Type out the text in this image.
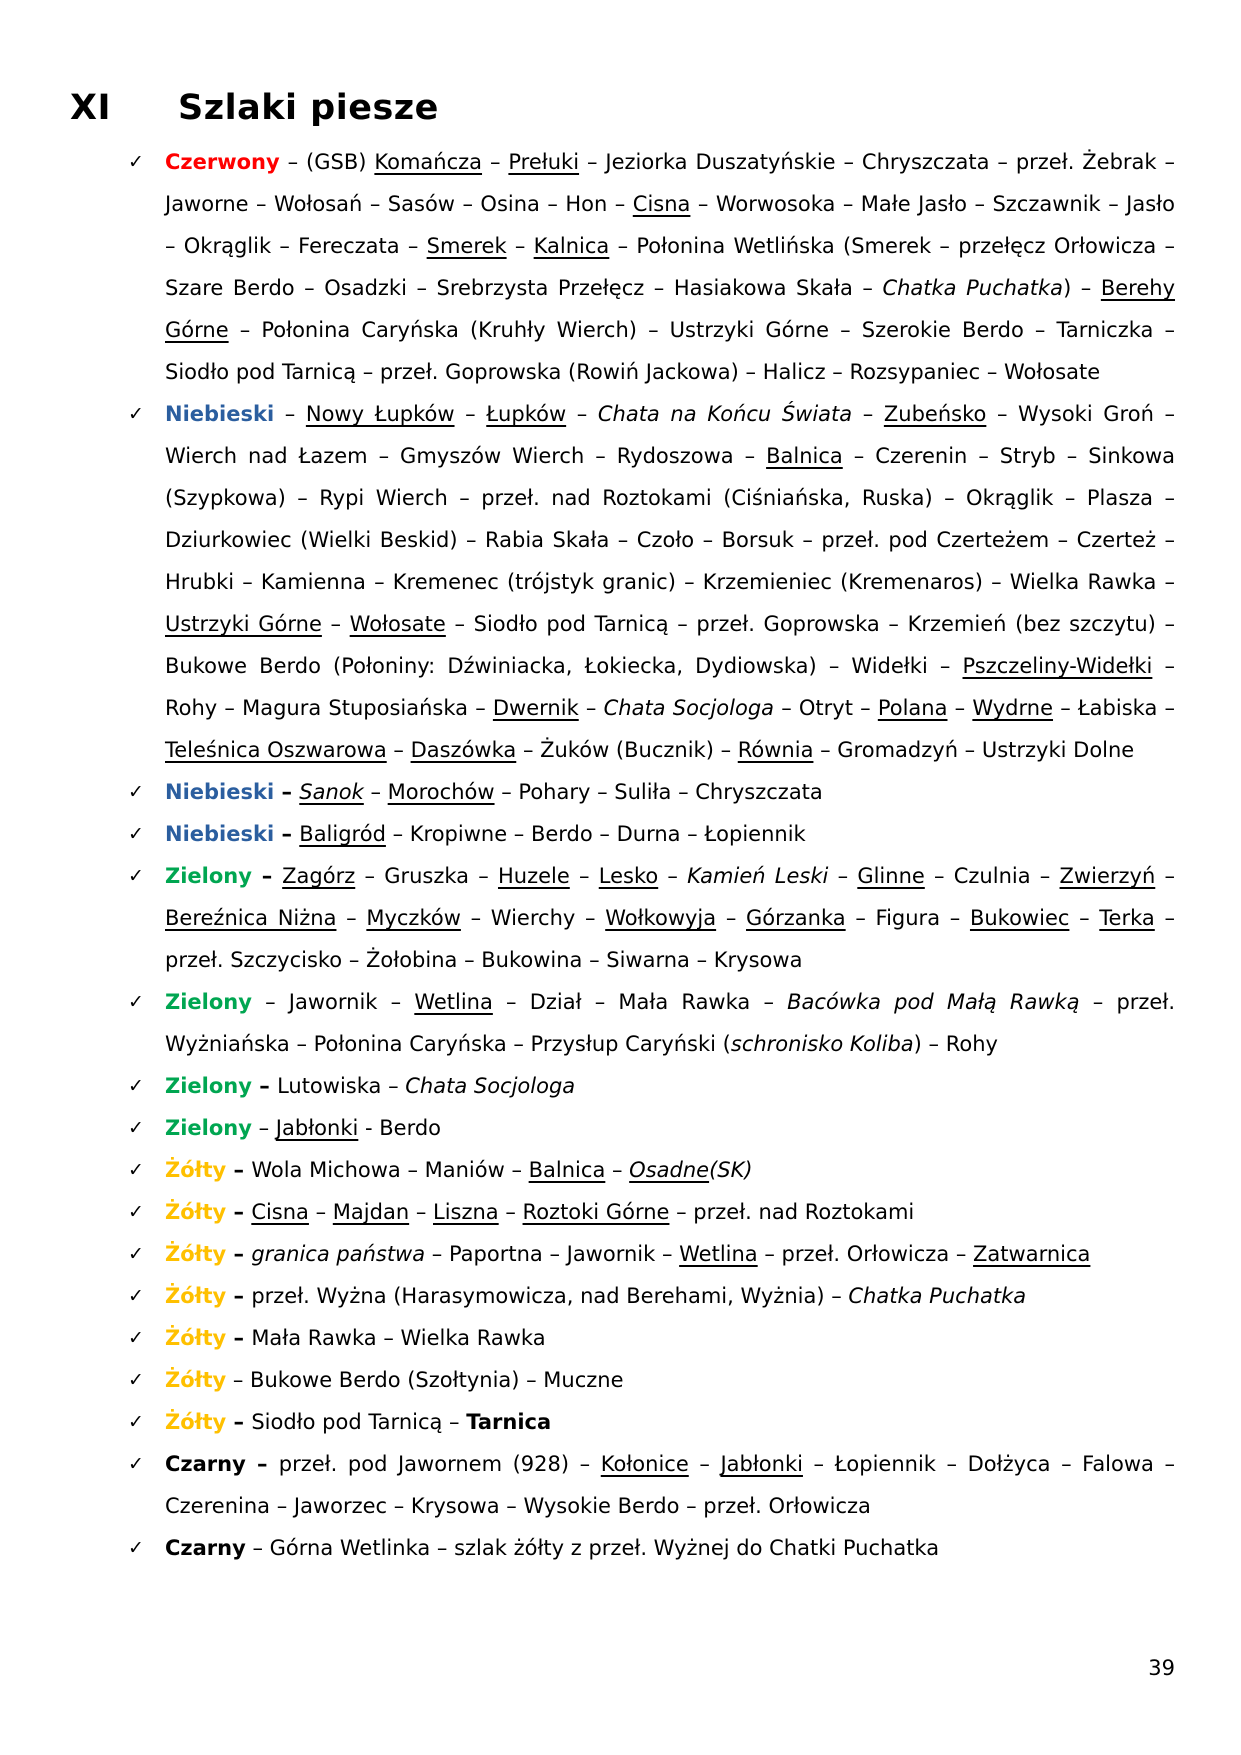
XI	Szlaki piesze
✓ Czerwony – (GSB) Komańcza – Prełuki – Jeziorka Duszatyńskie – Chryszczata – przeł. Żebrak – Jaworne – Wołosań – Sasów – Osina – Hon – Cisna – Worwosoka – Małe Jasło – Szczawnik – Jasło – Okrąglik – Fereczata – Smerek – Kalnica – Połonina Wetlińska (Smerek – przełęcz Orłowicza – Szare Berdo – Osadzki – Srebrzysta Przełęcz – Hasiakowa Skała – Chatka Puchatka) – Berehy Górne – Połonina Caryńska (Kruhły Wierch) – Ustrzyki Górne – Szerokie Berdo – Tarniczka – Siodło pod Tarnicą – przeł. Goprowska (Rowiń Jackowa) – Halicz – Rozsypaniec – Wołosate
✓ Niebieski – Nowy Łupków – Łupków – Chata na Końcu Świata – Zubeńsko – Wysoki Groń – Wierch nad Łazem – Gmyszów Wierch – Rydoszowa – Balnica – Czerenin – Stryb – Sinkowa (Szypkowa) – Rypi Wierch – przeł. nad Roztokami (Ciśniańska, Ruska) – Okrąglik – Plasza – Dziurkowiec (Wielki Beskid) – Rabia Skała – Czoło – Borsuk – przeł. pod Czerteżem – Czerteż – Hrubki – Kamienna – Kremenec (trójstyk granic) – Krzemieniec (Kremenaros) – Wielka Rawka – Ustrzyki Górne – Wołosate – Siodło pod Tarnicą – przeł. Goprowska – Krzemień (bez szczytu) – Bukowe Berdo (Połoniny: Dźwiniacka, Łokiecka, Dydiowska) – Widełki – Pszczeliny-Widełki – Rohy – Magura Stuposiańska – Dwernik – Chata Socjologa – Otryt – Polana – Wydrne – Łabiska – Teleśnica Oszwarowa – Daszówka – Żuków (Bucznik) – Równia – Gromadzyń – Ustrzyki Dolne
✓ Niebieski – Sanok – Morochów – Pohary – Suliła – Chryszczata
✓ Niebieski – Baligród – Kropiwne – Berdo – Durna – Łopiennik
✓ Zielony – Zagórz – Gruszka – Huzele – Lesko – Kamień Leski – Glinne – Czulnia – Zwierzyń – Bereźnica Niżna – Myczków – Wierchy – Wołkowyja – Górzanka – Figura – Bukowiec – Terka – przeł. Szczycisko – Żołobina – Bukowina – Siwarna – Krysowa
✓ Zielony – Jawornik – Wetlina – Dział – Mała Rawka – Bacówka pod Małą Rawką – przeł. Wyżniańska – Połonina Caryńska – Przysłup Caryński (schronisko Koliba) – Rohy
✓ Zielony – Lutowiska – Chata Socjologa
✓ Zielony – Jabłonki - Berdo
✓ Żółty – Wola Michowa – Maniów – Balnica – Osadne(SK)
✓ Żółty – Cisna – Majdan – Liszna – Roztoki Górne – przeł. nad Roztokami
✓ Żółty – granica państwa – Paportna – Jawornik – Wetlina – przeł. Orłowicza – Zatwarnica
✓ Żółty – przeł. Wyżna (Harasymowicza, nad Berehami, Wyżnia) – Chatka Puchatka
✓ Żółty – Mała Rawka – Wielka Rawka
✓ Żółty – Bukowe Berdo (Szołtynia) – Muczne
✓ Żółty – Siodło pod Tarnicą – Tarnica
✓ Czarny – przeł. pod Jawornem (928) – Kołonice – Jabłonki – Łopiennik – Dołżyca – Falowa – Czerenina – Jaworzec – Krysowa – Wysokie Berdo – przeł. Orłowicza
✓ Czarny – Górna Wetlinka – szlak żółty z przeł. Wyżnej do Chatki Puchatka
39
